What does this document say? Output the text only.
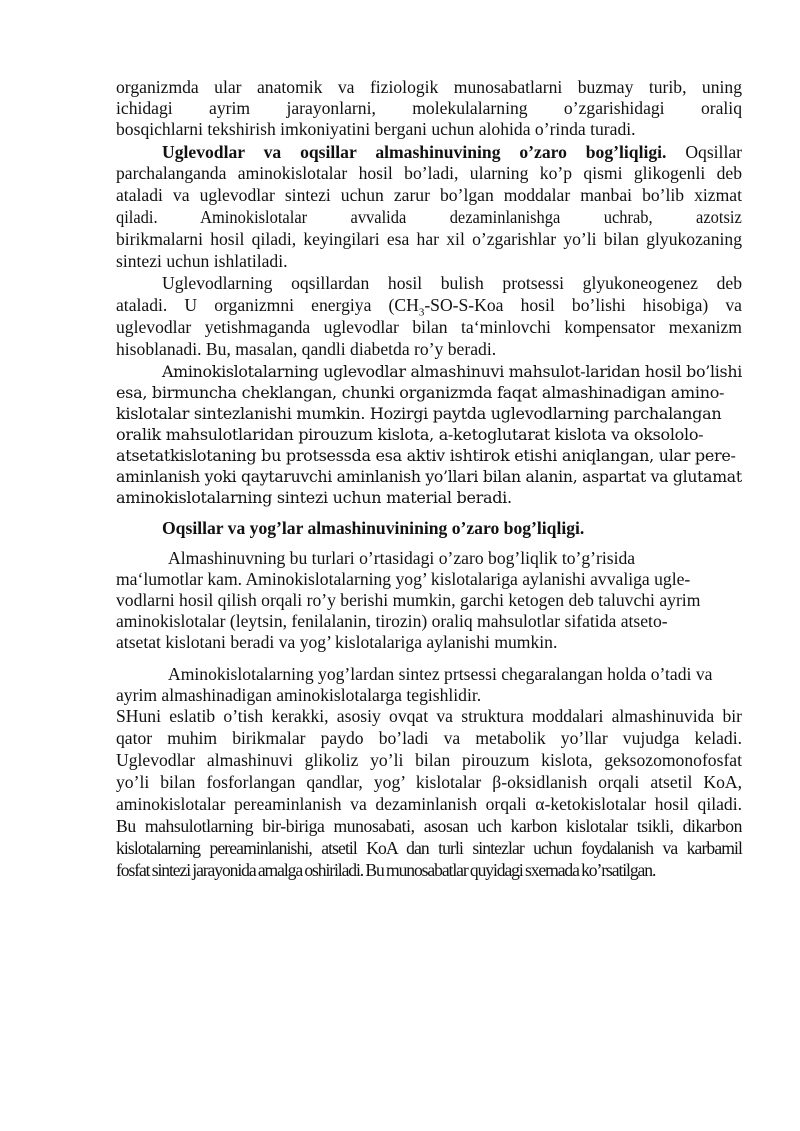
organizmda ular anatomik va fiziologik munosabatlarni buzmay turib, uning
ichidagi ayrim jarayonlarni, molekulalarning o’zgarishidagi oraliq
bosqichlarni tekshirish imkoniyatini bergani uchun alohida o’rinda turadi.
Uglevodlar va oqsillar almashinuvining o’zaro bog’liqligi. Oqsillar
parchalanganda aminokislotalar hosil bo’ladi, ularning ko’p qismi glikogenli deb
ataladi va uglevodlar sintezi uchun zarur bo’lgan moddalar manbai bo’lib xizmat
qiladi. Aminokislotalar avvalida dezaminlanishga uchrab, azotsiz
birikmalarni hosil qiladi, keyingilari esa har xil o’zgarishlar yo’li bilan glyukozaning
sintezi uchun ishlatiladi.
Uglevodlarning oqsillardan hosil bulish protsessi glyukoneogenez deb
ataladi. U organizmni energiya ($CH_3-SO-S$-Koa hosil bo’lishi hisobiga) va
uglevodlar yetishmaganda uglevodlar bilan ta‘minlovchi kompensator mexanizm
hisoblanadi. Bu, masalan, qandli diabetda ro’y beradi.
Aminokislotalarning uglevodlar almashinuvi mahsulot-laridan hosil bo’lishi
esa, birmuncha cheklangan, chunki organizmda faqat almashinadigan amino-
kislotalar sintezlanishi mumkin. Hozirgi paytda uglevodlarning parchalangan
oralik mahsulotlaridan pirouzum kislota, a-ketoglutarat kislota va oksololo-
atsetatkislotaning bu protsessda esa aktiv ishtirok etishi aniqlangan, ular pere-
aminlanish yoki qaytaruvchi aminlanish yo’llari bilan alanin, aspartat va glutamat
aminokislotalarning sintezi uchun material beradi.
Oqsillar va yog’lar almashinuvinining o’zaro bog’liqligi.
Almashinuvning bu turlari o’rtasidagi o’zaro bog’liqlik to’g’risida
ma‘lumotlar kam. Aminokislotalarning yog’ kislotalariga aylanishi avvaliga ugle-
vodlarni hosil qilish orqali ro’y berishi mumkin, garchi ketogen deb taluvchi ayrim
aminokislotalar (leytsin, fenilalanin, tirozin) oraliq mahsulotlar sifatida atseto-
atsetat kislotani beradi va yog’ kislotalariga aylanishi mumkin.
Aminokislotalarning yog’lardan sintez prtsessi chegaralangan holda o’tadi va
ayrim almashinadigan aminokislotalarga tegishlidir.
SHuni eslatib o’tish kerakki, asosiy ovqat va struktura moddalari almashinuvida bir
qator muhim birikmalar paydo bo’ladi va metabolik yo’llar vujudga keladi.
Uglevodlar almashinuvi glikoliz yo’li bilan pirouzum kislota, geksozomonofosfat
yo’li bilan fosforlangan qandlar, yog’ kislotalar β-oksidlanish orqali atsetil KoA,
aminokislotalar pereaminlanish va dezaminlanish orqali α-ketokislotalar hosil qiladi.
Bu mahsulotlarning bir-biriga munosabati, asosan uch karbon kislotalar tsikli, dikarbon
kislotalarning pereaminlanishi, atsetil KoA dan turli sintezlar uchun foydalanish va karbamil
fosfat sintezi jarayonida amalga oshiriladi. Bu munosabatlar quyidagi sxemada ko’rsatilgan.
